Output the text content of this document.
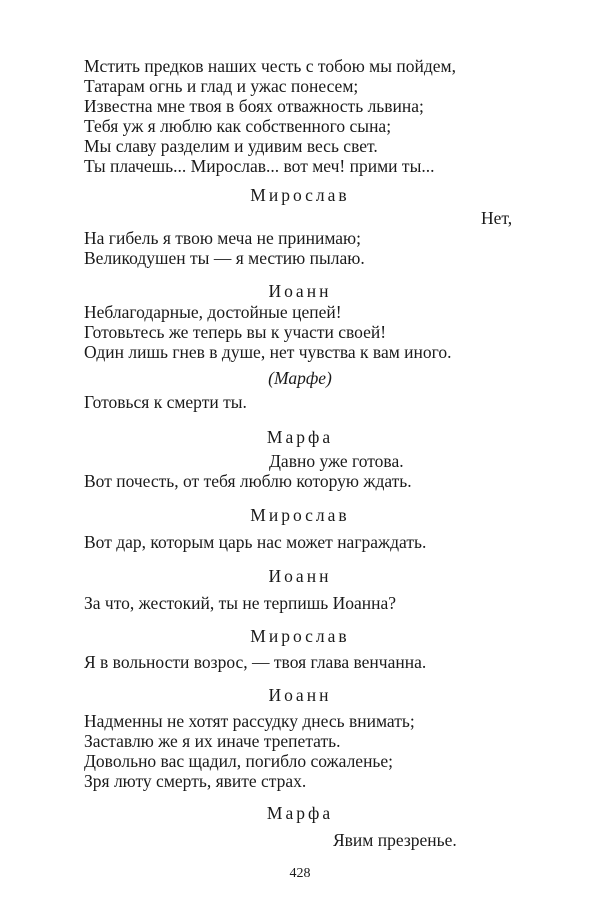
Мстить предков наших честь с тобою мы пойдем,

Татарам огнь и глад и ужас понесем;

Известна мне твоя в боях отважность львина;

Тебя уж я люблю как собственного сына;

Мы славу разделим и удивим весь свет.

Ты плачешь... Мирослав... вот меч! прими ты...

Мирослав

Нет,

На гибель я твою меча не принимаю;

Великодушен ты — я местию пылаю.

Иоанн

Неблагодарные, достойные цепей!

Готовьтесь же теперь вы к участи своей!

Один лишь гнев в душе, нет чувства к вам иного.

(Марфе)

Готовься к смерти ты.

Марфа

Давно уже готова.

Вот почесть, от тебя люблю которую ждать.

Мирослав

Вот дар, которым царь нас может награждать.

Иоанн

За что, жестокий, ты не терпишь Иоанна?

Мирослав

Я в вольности возрос, — твоя глава венчанна.

Иоанн

Надменны не хотят рассудку днесь внимать;

Заставлю же я их иначе трепетать.

Довольно вас щадил, погибло сожаленье;

Зря люту смерть, явите страх.

Марфа

Явим презренье.

428
